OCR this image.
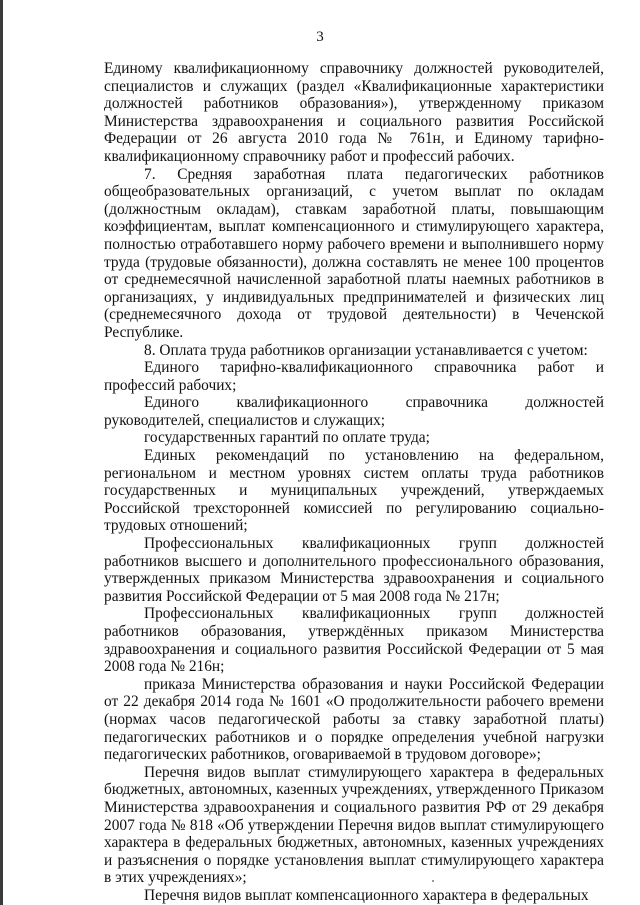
3

Единому квалификационному справочнику должностей руководителей, специалистов и служащих (раздел «Квалификационные характеристики должностей работников образования»), утвержденному приказом Министерства здравоохранения и социального развития Российской Федерации от 26 августа 2010 года № 761н, и Единому тарифно-квалификационному справочнику работ и профессий рабочих.

7. Средняя заработная плата педагогических работников общеобразовательных организаций, с учетом выплат по окладам (должностным окладам), ставкам заработной платы, повышающим коэффициентам, выплат компенсационного и стимулирующего характера, полностью отработавшего норму рабочего времени и выполнившего норму труда (трудовые обязанности), должна составлять не менее 100 процентов от среднемесячной начисленной заработной платы наемных работников в организациях, у индивидуальных предпринимателей и физических лиц (среднемесячного дохода от трудовой деятельности) в Чеченской Республике.

8. Оплата труда работников организации устанавливается с учетом:

Единого тарифно-квалификационного справочника работ и профессий рабочих;

Единого квалификационного справочника должностей руководителей, специалистов и служащих;

государственных гарантий по оплате труда;

Единых рекомендаций по установлению на федеральном, региональном и местном уровнях систем оплаты труда работников государственных и муниципальных учреждений, утверждаемых Российской трехсторонней комиссией по регулированию социально-трудовых отношений;

Профессиональных квалификационных групп должностей работников высшего и дополнительного профессионального образования, утвержденных приказом Министерства здравоохранения и социального развития Российской Федерации от 5 мая 2008 года № 217н;

Профессиональных квалификационных групп должностей работников образования, утверждённых приказом Министерства здравоохранения и социального развития Российской Федерации от 5 мая 2008 года № 216н;

приказа Министерства образования и науки Российской Федерации от 22 декабря 2014 года № 1601 «О продолжительности рабочего времени (нормах часов педагогической работы за ставку заработной платы) педагогических работников и о порядке определения учебной нагрузки педагогических работников, оговариваемой в трудовом договоре»;

Перечня видов выплат стимулирующего характера в федеральных бюджетных, автономных, казенных учреждениях, утвержденного Приказом Министерства здравоохранения и социального развития РФ от 29 декабря 2007 года № 818 «Об утверждении Перечня видов выплат стимулирующего характера в федеральных бюджетных, автономных, казенных учреждениях и разъяснения о порядке установления выплат стимулирующего характера в этих учреждениях»;

Перечня видов выплат компенсационного характера в федеральных
